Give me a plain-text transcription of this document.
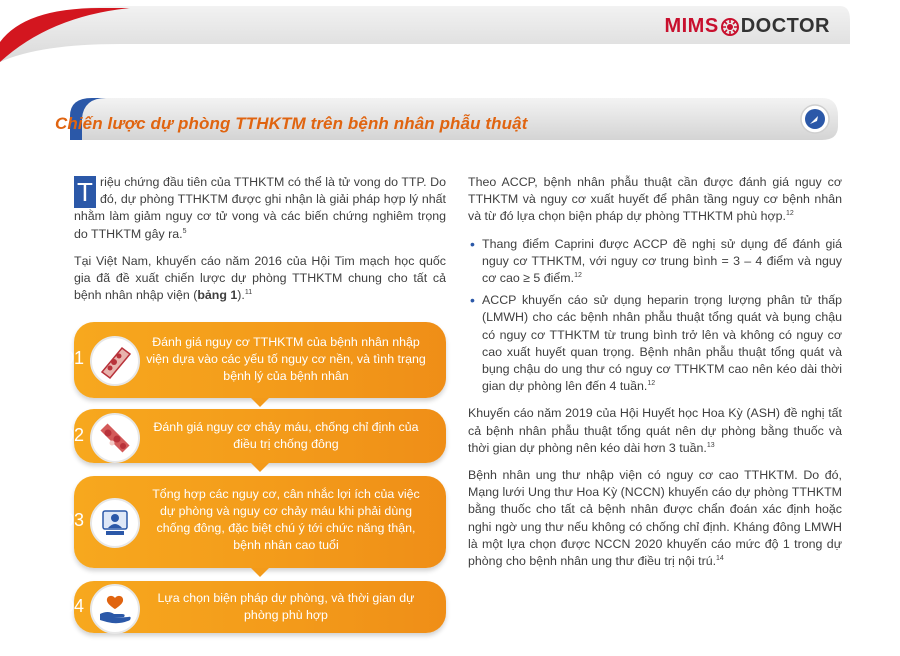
MIMS DOCTOR
Chiến lược dự phòng TTHKTM trên bệnh nhân phẫu thuật

T riệu chứng đầu tiên của TTHKTM có thể là tử vong do TTP. Do đó, dự phòng TTHKTM được ghi nhận là giải pháp hợp lý nhất nhằm làm giảm nguy cơ tử vong và các biến chứng nghiêm trọng do TTHKTM gây ra.$^5$

Tại Việt Nam, khuyến cáo năm 2016 của Hội Tim mạch học quốc gia đã đề xuất chiến lược dự phòng TTHKTM chung cho tất cả bệnh nhân nhập viện (bảng 1).$^{11}$

01
Đánh giá nguy cơ TTHKTM của bệnh nhân nhập viện dựa vào các yếu tố nguy cơ nền, và tình trạng bệnh lý của bệnh nhân
02	Đánh giá nguy cơ chảy máu, chống chỉ định của điều trị chống đông
03
Tổng hợp các nguy cơ, cân nhắc lợi ích của việc dự phòng và nguy cơ chảy máu khi phải dùng chống đông, đặc biệt chú ý tới chức năng thận, bệnh nhân cao tuổi
04	Lựa chọn biện pháp dự phòng, và thời gian dự phòng phù hợp

Theo ACCP, bệnh nhân phẫu thuật cần được đánh giá nguy cơ TTHKTM và nguy cơ xuất huyết để phân tầng nguy cơ bệnh nhân và từ đó lựa chọn biện pháp dự phòng TTHKTM phù hợp.$^{12}$

• Thang điểm Caprini được ACCP đề nghị sử dụng để đánh giá nguy cơ TTHKTM, với nguy cơ trung bình = 3 – 4 điểm và nguy cơ cao ≥ 5 điểm.$^{12}$
• ACCP khuyến cáo sử dụng heparin trọng lượng phân tử thấp (LMWH) cho các bệnh nhân phẫu thuật tổng quát và bụng chậu có nguy cơ TTHKTM từ trung bình trở lên và không có nguy cơ cao xuất huyết quan trọng. Bệnh nhân phẫu thuật tổng quát và bụng chậu do ung thư có nguy cơ TTHKTM cao nên kéo dài thời gian dự phòng lên đến 4 tuần.$^{12}$

Khuyến cáo năm 2019 của Hội Huyết học Hoa Kỳ (ASH) đề nghị tất cả bệnh nhân phẫu thuật tổng quát nên dự phòng bằng thuốc và thời gian dự phòng nên kéo dài hơn 3 tuần.$^{13}$

Bệnh nhân ung thư nhập viện có nguy cơ cao TTHKTM. Do đó, Mạng lưới Ung thư Hoa Kỳ (NCCN) khuyến cáo dự phòng TTHKTM bằng thuốc cho tất cả bệnh nhân được chẩn đoán xác định hoặc nghi ngờ ung thư nếu không có chống chỉ định. Kháng đông LMWH là một lựa chọn được NCCN 2020 khuyến cáo mức độ 1 trong dự phòng cho bệnh nhân ung thư điều trị nội trú.$^{14}$
